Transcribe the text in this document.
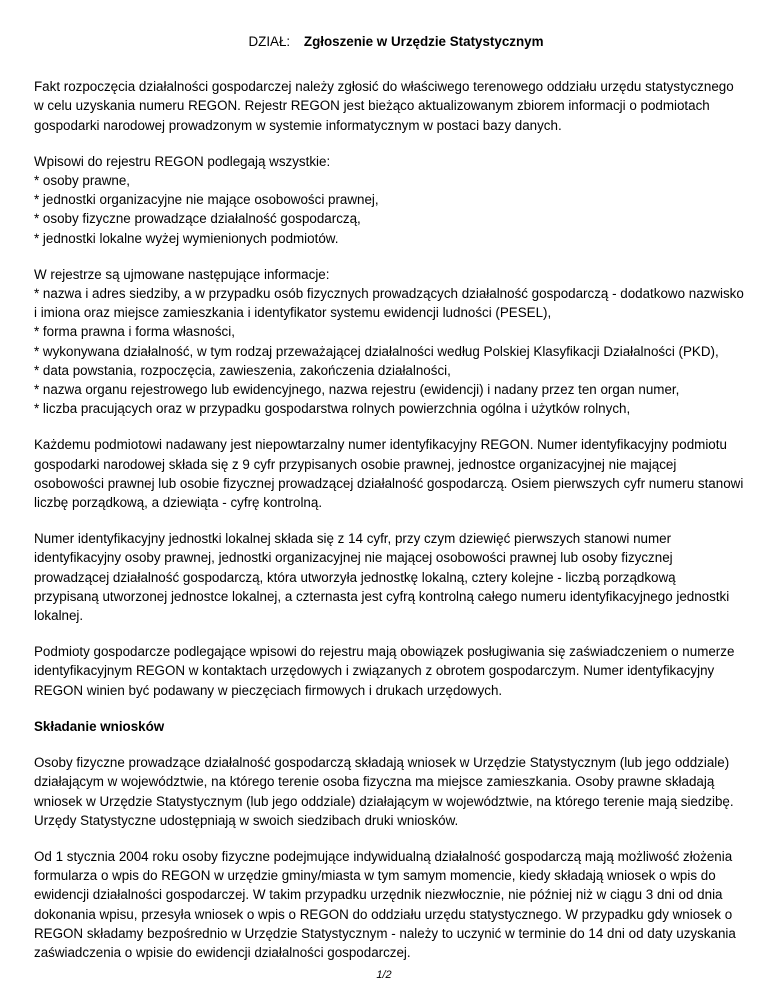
DZIAŁ: Zgłoszenie w Urzędzie Statystycznym

Fakt rozpoczęcia działalności gospodarczej należy zgłosić do właściwego terenowego oddziału urzędu statystycznego w celu uzyskania numeru REGON. Rejestr REGON jest bieżąco aktualizowanym zbiorem informacji o podmiotach gospodarki narodowej prowadzonym w systemie informatycznym w postaci bazy danych.

Wpisowi do rejestru REGON podlegają wszystkie:
* osoby prawne,
* jednostki organizacyjne nie mające osobowości prawnej,
* osoby fizyczne prowadzące działalność gospodarczą,
* jednostki lokalne wyżej wymienionych podmiotów.

W rejestrze są ujmowane następujące informacje:
* nazwa i adres siedziby, a w przypadku osób fizycznych prowadzących działalność gospodarczą - dodatkowo nazwisko i imiona oraz miejsce zamieszkania i identyfikator systemu ewidencji ludności (PESEL),
* forma prawna i forma własności,
* wykonywana działalność, w tym rodzaj przeważającej działalności według Polskiej Klasyfikacji Działalności (PKD),
* data powstania, rozpoczęcia, zawieszenia, zakończenia działalności,
* nazwa organu rejestrowego lub ewidencyjnego, nazwa rejestru (ewidencji) i nadany przez ten organ numer,
* liczba pracujących oraz w przypadku gospodarstwa rolnych powierzchnia ogólna i użytków rolnych,

Każdemu podmiotowi nadawany jest niepowtarzalny numer identyfikacyjny REGON. Numer identyfikacyjny podmiotu gospodarki narodowej składa się z 9 cyfr przypisanych osobie prawnej, jednostce organizacyjnej nie mającej osobowości prawnej lub osobie fizycznej prowadzącej działalność gospodarczą. Osiem pierwszych cyfr numeru stanowi liczbę porządkową, a dziewiąta - cyfrę kontrolną.

Numer identyfikacyjny jednostki lokalnej składa się z 14 cyfr, przy czym dziewięć pierwszych stanowi numer identyfikacyjny osoby prawnej, jednostki organizacyjnej nie mającej osobowości prawnej lub osoby fizycznej prowadzącej działalność gospodarczą, która utworzyła jednostkę lokalną, cztery kolejne - liczbą porządkową przypisaną utworzonej jednostce lokalnej, a czternasta jest cyfrą kontrolną całego numeru identyfikacyjnego jednostki lokalnej.

Podmioty gospodarcze podlegające wpisowi do rejestru mają obowiązek posługiwania się zaświadczeniem o numerze identyfikacyjnym REGON w kontaktach urzędowych i związanych z obrotem gospodarczym. Numer identyfikacyjny REGON winien być podawany w pieczęciach firmowych i drukach urzędowych.

Składanie wniosków

Osoby fizyczne prowadzące działalność gospodarczą składają wniosek w Urzędzie Statystycznym (lub jego oddziale) działającym w województwie, na którego terenie osoba fizyczna ma miejsce zamieszkania. Osoby prawne składają wniosek w Urzędzie Statystycznym (lub jego oddziale) działającym w województwie, na którego terenie mają siedzibę. Urzędy Statystyczne udostępniają w swoich siedzibach druki wniosków.

Od 1 stycznia 2004 roku osoby fizyczne podejmujące indywidualną działalność gospodarczą mają możliwość złożenia formularza o wpis do REGON w urzędzie gminy/miasta w tym samym momencie, kiedy składają wniosek o wpis do ewidencji działalności gospodarczej. W takim przypadku urzędnik niezwłocznie, nie później niż w ciągu 3 dni od dnia dokonania wpisu, przesyła wniosek o wpis o REGON do oddziału urzędu statystycznego. W przypadku gdy wniosek o REGON składamy bezpośrednio w Urzędzie Statystycznym - należy to uczynić w terminie do 14 dni od daty uzyskania zaświadczenia o wpisie do ewidencji działalności gospodarczej.

1/2
